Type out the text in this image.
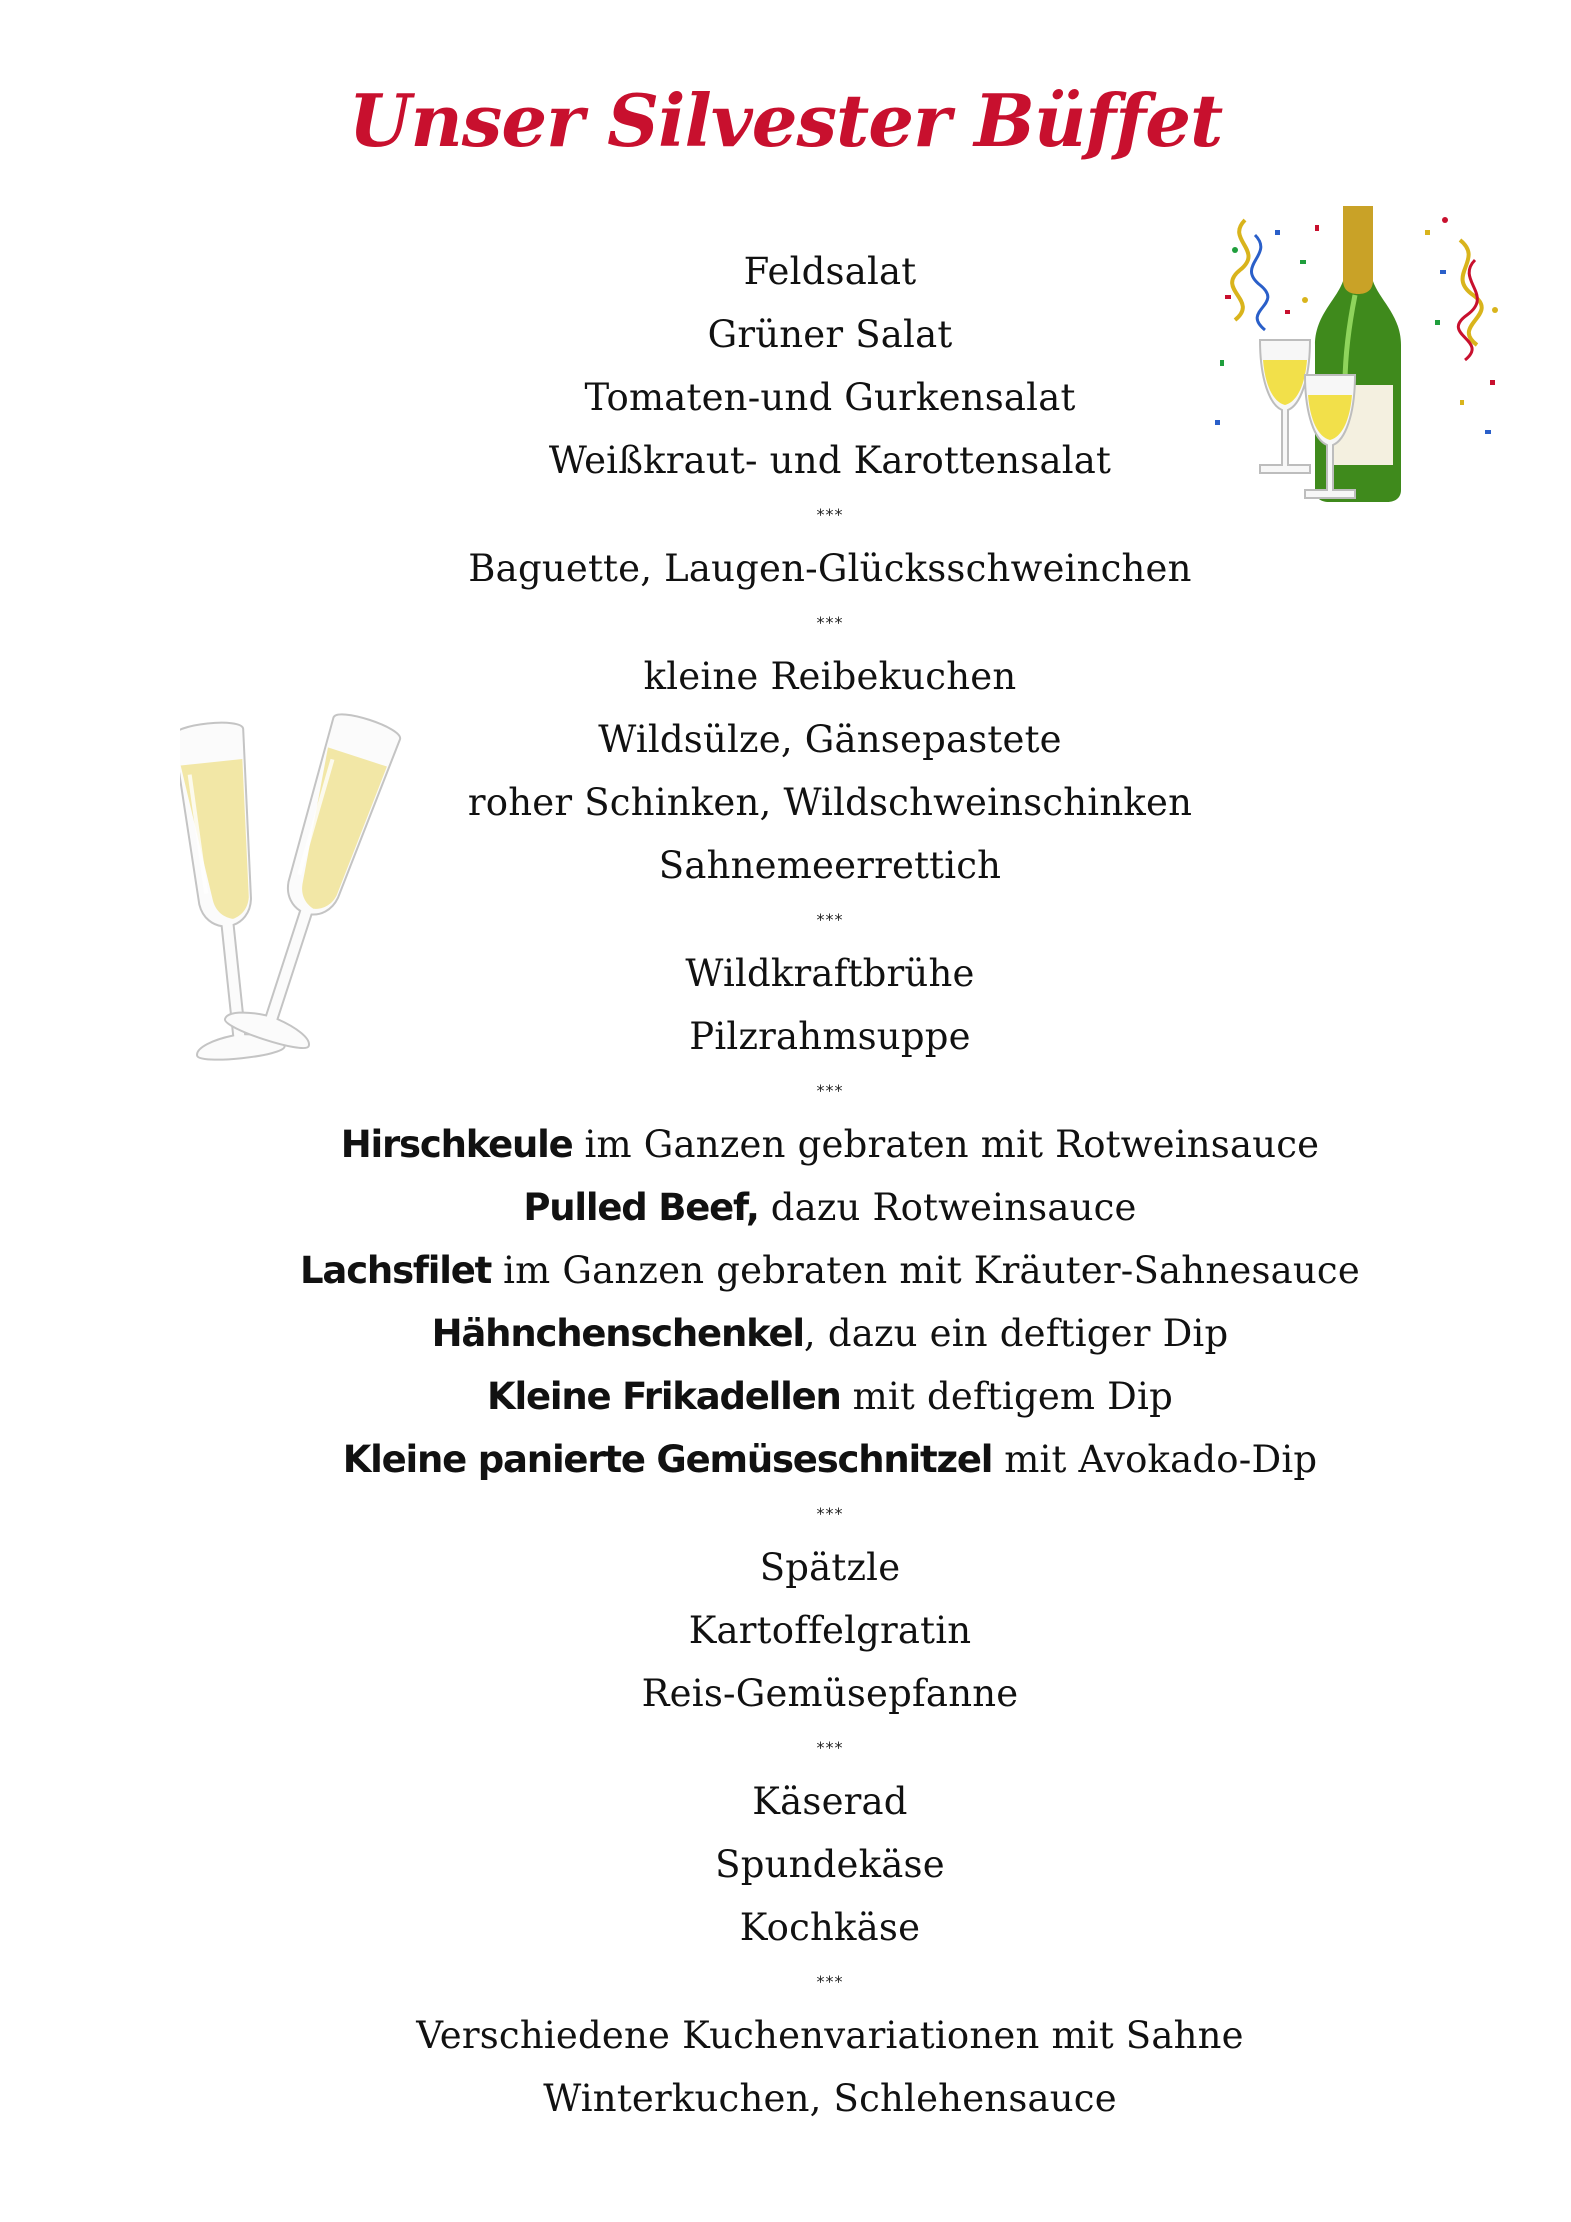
Unser Silvester Büffet
Feldsalat
Grüner Salat
Tomaten-und Gurkensalat
Weißkraut- und Karottensalat
***
Baguette, Laugen-Glücksschweinchen
***
kleine Reibekuchen
Wildsülze, Gänsepastete
roher Schinken, Wildschweinschinken
Sahnemeerrettich
***
Wildkraftbrühe
Pilzrahmsuppe
***
Hirschkeule im Ganzen gebraten mit Rotweinsauce
Pulled Beef, dazu Rotweinsauce
Lachsfilet im Ganzen gebraten mit Kräuter-Sahnesauce
Hähnchenschenkel, dazu ein deftiger Dip
Kleine Frikadellen mit deftigem Dip
Kleine panierte Gemüseschnitzel mit Avokado-Dip
***
Spätzle
Kartoffelgratin
Reis-Gemüsepfanne
***
Käserad
Spundekäse
Kochkäse
***
Verschiedene Kuchenvariationen mit Sahne
Winterkuchen, Schlehensauce
